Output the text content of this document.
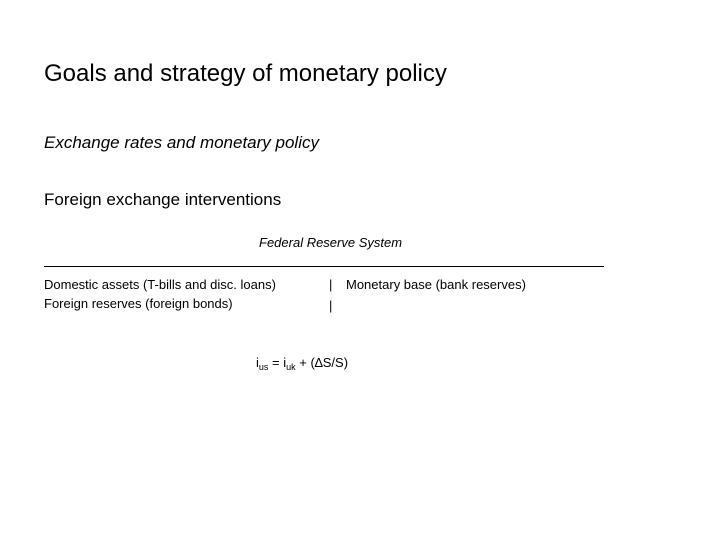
Goals and strategy of monetary policy
Exchange rates and monetary policy
Foreign exchange interventions
Federal Reserve System
Domestic assets (T-bills and disc. loans)
Foreign reserves (foreign bonds)
|
|
Monetary base (bank reserves)
$i_{us} = i_{uk} + (\Delta S/S)$
